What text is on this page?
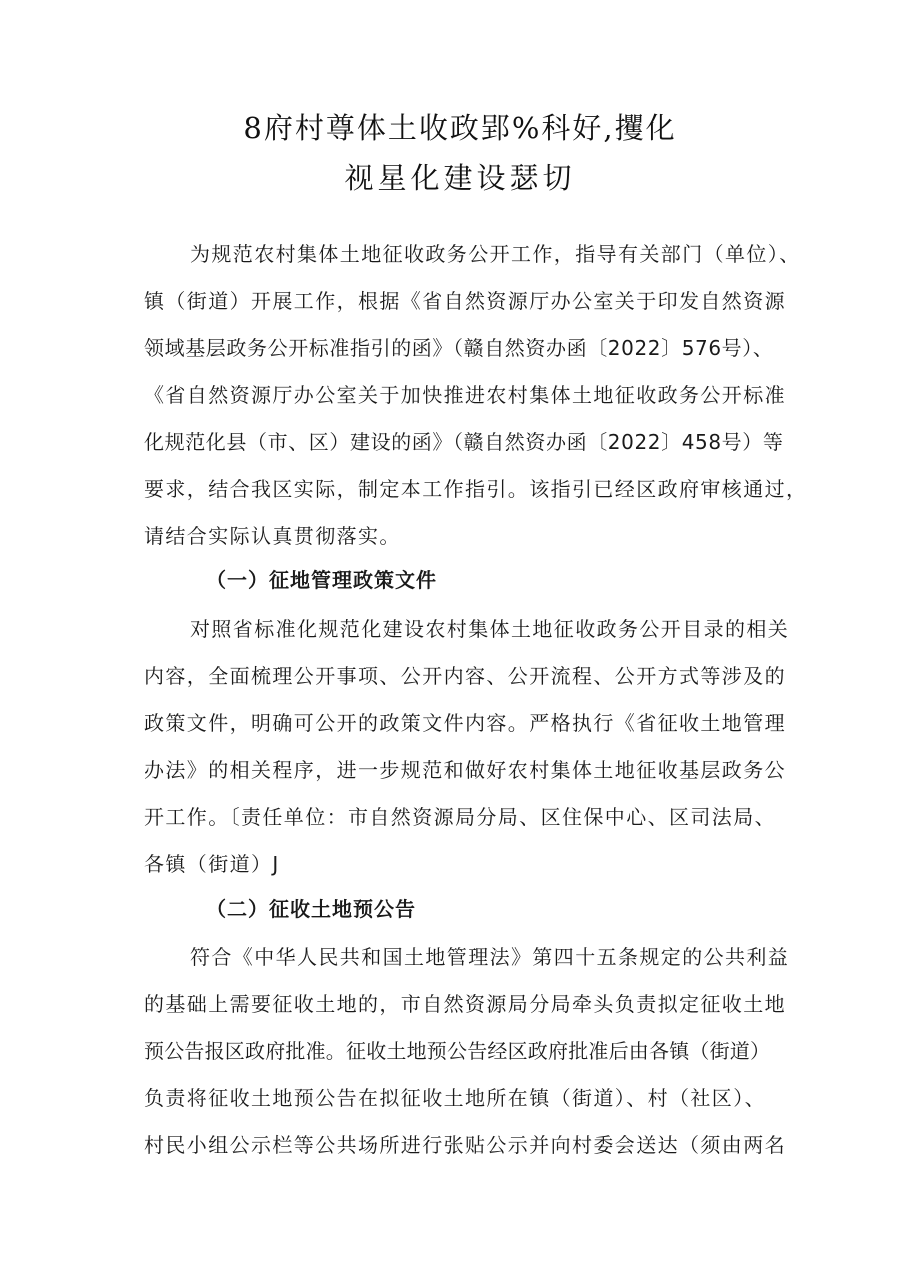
8府村尊体土收政郢%科好,攫化
视星化建设瑟切
为规范农村集体土地征收政务公开工作，指导有关部门（单位）、
镇（街道）开展工作，根据《省自然资源厅办公室关于印发自然资源
领域基层政务公开标准指引的函》（赣自然资办函〔2022〕576号）、
《省自然资源厅办公室关于加快推进农村集体土地征收政务公开标准
化规范化县（市、区）建设的函》（赣自然资办函〔2022〕458号）等
要求，结合我区实际，制定本工作指引。该指引已经区政府审核通过，
请结合实际认真贯彻落实。
（一）征地管理政策文件
对照省标准化规范化建设农村集体土地征收政务公开目录的相关
内容，全面梳理公开事项、公开内容、公开流程、公开方式等涉及的
政策文件，明确可公开的政策文件内容。严格执行《省征收土地管理
办法》的相关程序，进一步规范和做好农村集体土地征收基层政务公
开工作。〔责任单位：市自然资源局分局、区住保中心、区司法局、
各镇（街道）J
（二）征收土地预公告
符合《中华人民共和国土地管理法》第四十五条规定的公共利益
的基础上需要征收土地的，市自然资源局分局牵头负责拟定征收土地
预公告报区政府批准。征收土地预公告经区政府批准后由各镇（街道）
负责将征收土地预公告在拟征收土地所在镇（街道）、村（社区）、
村民小组公示栏等公共场所进行张贴公示并向村委会送达（须由两名
